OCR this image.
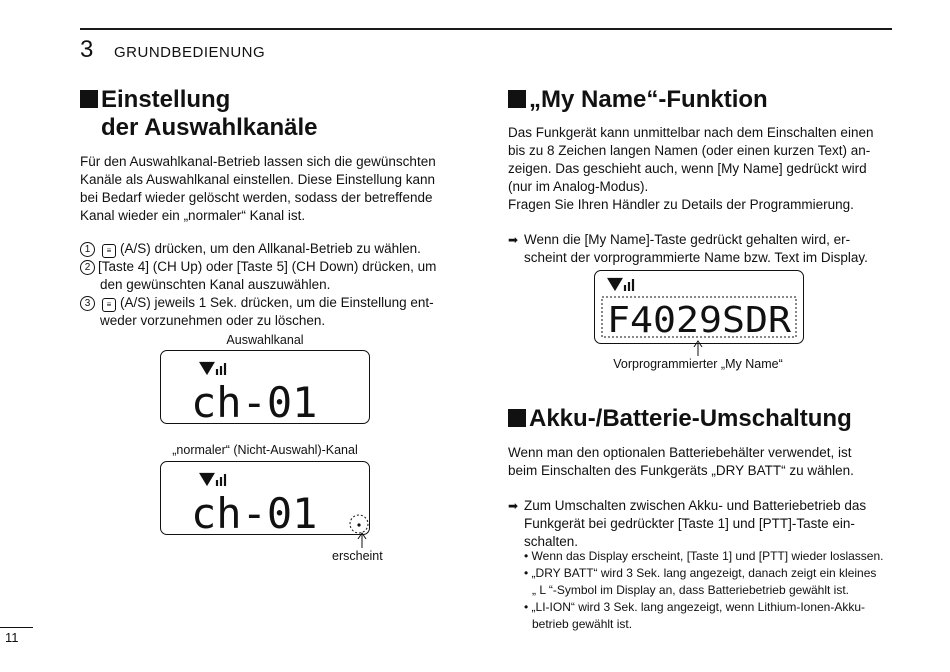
3 GRUNDBEDIENUNG
Einstellung
der Auswahlkanäle
Für den Auswahlkanal-Betrieb lassen sich die gewünschten
Kanäle als Auswahlkanal einstellen. Diese Einstellung kann
bei Bedarf wieder gelöscht werden, sodass der betreffende
Kanal wieder ein „normaler“ Kanal ist.
1 ≡ (A/S) drücken, um den Allkanal-Betrieb zu wählen.
2 [Taste 4] (CH Up) oder [Taste 5] (CH Down) drücken, um
den gewünschten Kanal auszuwählen.
3 ≡ (A/S) jeweils 1 Sek. drücken, um die Einstellung ent-
weder vorzunehmen oder zu löschen.
Auswahlkanal
ch-01
„normaler“ (Nicht-Auswahl)-Kanal
ch-01
erscheint
„My Name“-Funktion
Das Funkgerät kann unmittelbar nach dem Einschalten einen
bis zu 8 Zeichen langen Namen (oder einen kurzen Text) an-
zeigen. Das geschieht auch, wenn [My Name] gedrückt wird
(nur im Analog-Modus).
Fragen Sie Ihren Händler zu Details der Programmierung.
➡ Wenn die [My Name]-Taste gedrückt gehalten wird, er-
scheint der vorprogrammierte Name bzw. Text im Display.
F4029SDR
Vorprogrammierter „My Name“
Akku-/Batterie-Umschaltung
Wenn man den optionalen Batteriebehälter verwendet, ist
beim Einschalten des Funkgeräts „DRY BATT“ zu wählen.
➡ Zum Umschalten zwischen Akku- und Batteriebetrieb das
Funkgerät bei gedrückter [Taste 1] und [PTT]-Taste ein-
schalten.
• Wenn das Display erscheint, [Taste 1] und [PTT] wieder loslassen.
• „DRY BATT“ wird 3 Sek. lang angezeigt, danach zeigt ein kleines
„ L “-Symbol im Display an, dass Batteriebetrieb gewählt ist.
• „LI-ION“ wird 3 Sek. lang angezeigt, wenn Lithium-Ionen-Akku-
betrieb gewählt ist.
11
